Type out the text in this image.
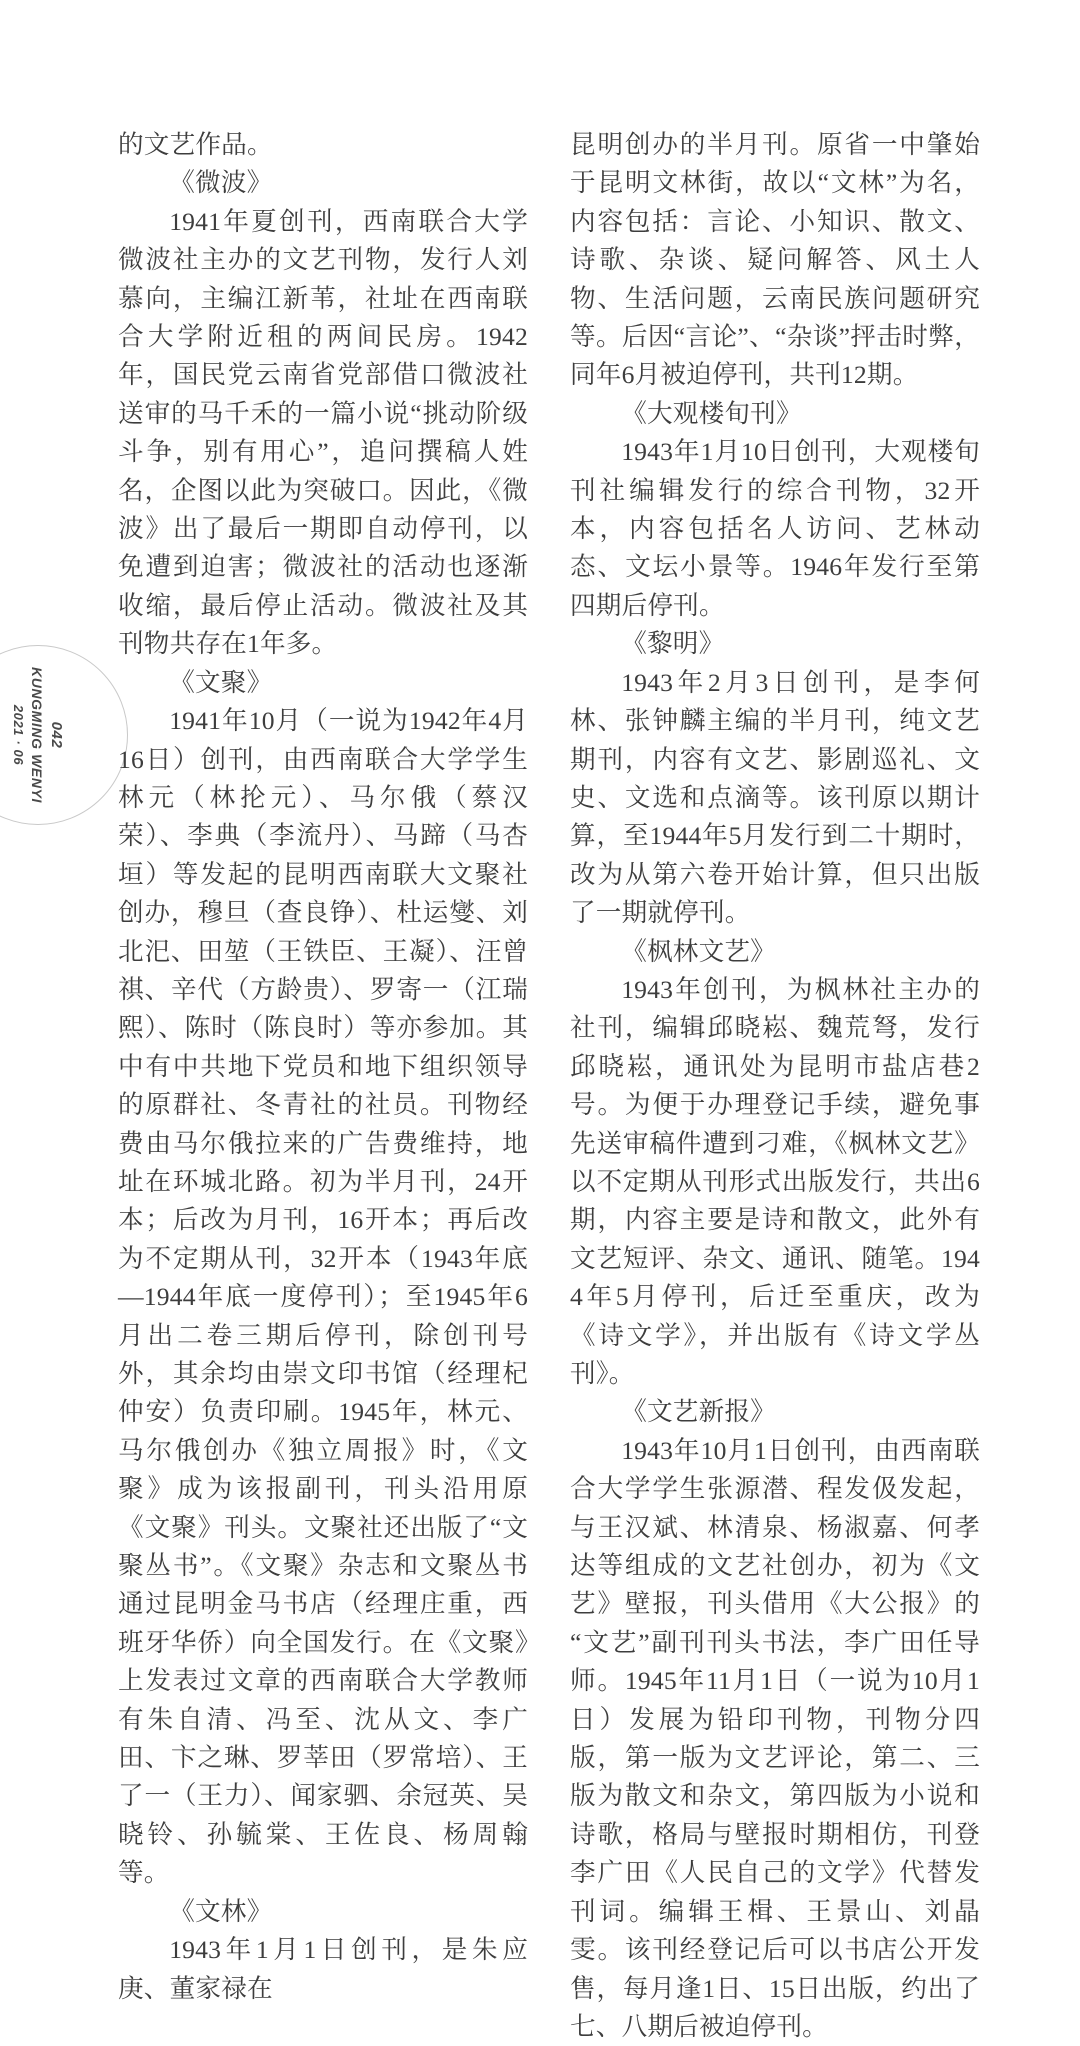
042
KUNGMING WENYI
2021 · 06

的文艺作品。

《微波》

1941年夏创刊，西南联合大学微波社主办的文艺刊物，发行人刘慕向，主编江新苇，社址在西南联合大学附近租的两间民房。1942年，国民党云南省党部借口微波社送审的马千禾的一篇小说“挑动阶级斗争，别有用心”，追问撰稿人姓名，企图以此为突破口。因此，《微波》出了最后一期即自动停刊，以免遭到迫害；微波社的活动也逐渐收缩，最后停止活动。微波社及其刊物共存在1年多。

《文聚》

1941年10月（一说为1942年4月16日）创刊，由西南联合大学学生林元（林抡元）、马尔俄（蔡汉荣）、李典（李流丹）、马蹄（马杏垣）等发起的昆明西南联大文聚社创办，穆旦（查良铮）、杜运燮、刘北汜、田堃（王铁臣、王凝）、汪曾祺、辛代（方龄贵）、罗寄一（江瑞熙）、陈时（陈良时）等亦参加。其中有中共地下党员和地下组织领导的原群社、冬青社的社员。刊物经费由马尔俄拉来的广告费维持，地址在环城北路。初为半月刊，24开本；后改为月刊，16开本；再后改为不定期从刊，32开本（1943年底—1944年底一度停刊）；至1945年6月出二卷三期后停刊，除创刊号外，其余均由崇文印书馆（经理杞仲安）负责印刷。1945年，林元、马尔俄创办《独立周报》时，《文聚》成为该报副刊，刊头沿用原《文聚》刊头。文聚社还出版了“文聚丛书”。《文聚》杂志和文聚丛书通过昆明金马书店（经理庄重，西班牙华侨）向全国发行。在《文聚》上发表过文章的西南联合大学教师有朱自清、冯至、沈从文、李广田、卞之琳、罗莘田（罗常培）、王了一（王力）、闻家驷、余冠英、吴晓铃、孙毓棠、王佐良、杨周翰等。

《文林》

1943年1月1日创刊，是朱应庚、董家禄在

昆明创办的半月刊。原省一中肇始于昆明文林街，故以“文林”为名，内容包括：言论、小知识、散文、诗歌、杂谈、疑问解答、风土人物、生活问题，云南民族问题研究等。后因“言论”、“杂谈”抨击时弊，同年6月被迫停刊，共刊12期。

《大观楼旬刊》

1943年1月10日创刊，大观楼旬刊社编辑发行的综合刊物，32开本，内容包括名人访问、艺林动态、文坛小景等。1946年发行至第四期后停刊。

《黎明》

1943年2月3日创刊，是李何林、张钟麟主编的半月刊，纯文艺期刊，内容有文艺、影剧巡礼、文史、文选和点滴等。该刊原以期计算，至1944年5月发行到二十期时，改为从第六卷开始计算，但只出版了一期就停刊。

《枫林文艺》

1943年创刊，为枫林社主办的社刊，编辑邱晓崧、魏荒弩，发行邱晓崧，通讯处为昆明市盐店巷2号。为便于办理登记手续，避免事先送审稿件遭到刁难，《枫林文艺》以不定期从刊形式出版发行，共出6期，内容主要是诗和散文，此外有文艺短评、杂文、通讯、随笔。1944年5月停刊，后迁至重庆，改为《诗文学》，并出版有《诗文学丛刊》。

《文艺新报》

1943年10月1日创刊，由西南联合大学学生张源潜、程发伋发起，与王汉斌、林清泉、杨淑嘉、何孝达等组成的文艺社创办，初为《文艺》壁报，刊头借用《大公报》的“文艺”副刊刊头书法，李广田任导师。1945年11月1日（一说为10月1日）发展为铅印刊物，刊物分四版，第一版为文艺评论，第二、三版为散文和杂文，第四版为小说和诗歌，格局与壁报时期相仿，刊登李广田《人民自己的文学》代替发刊词。编辑王楫、王景山、刘晶雯。该刊经登记后可以书店公开发售，每月逢1日、15日出版，约出了七、八期后被迫停刊。
